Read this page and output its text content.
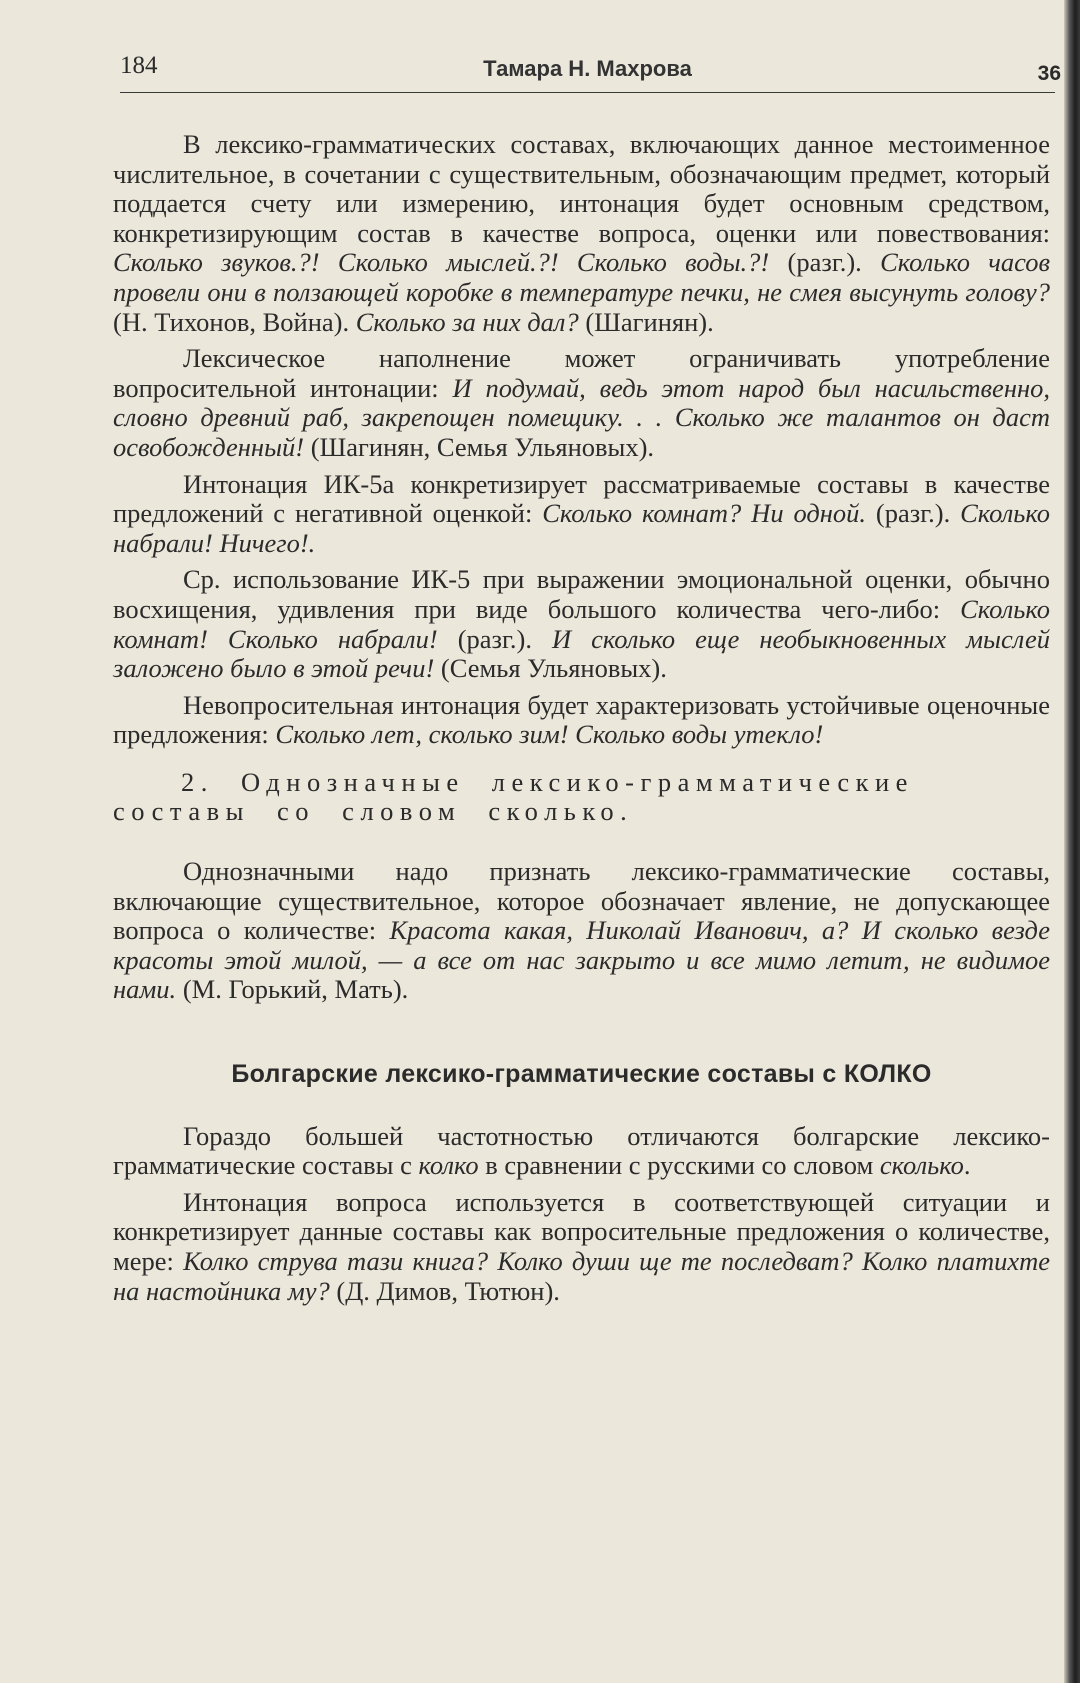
184	Тамара Н. Махрова	36

В лексико-грамматических составах, включающих данное местоименное числительное, в сочетании с существительным, обозначающим предмет, который поддается счету или измерению, интонация будет основным средством, конкретизирующим состав в качестве вопроса, оценки или повествования: Сколько звуков.?! Сколько мыслей.?! Сколько воды.?! (разг.). Сколько часов провели они в ползающей коробке в температуре печки, не смея высунуть голову? (Н. Тихонов, Война). Сколько за них дал? (Шагинян).

Лексическое наполнение может ограничивать употребление вопросительной интонации: И подумай, ведь этот народ был насильственно, словно древний раб, закрепощен помещику. . . Сколько же талантов он даст освобожденный! (Шагинян, Семья Ульяновых).

Интонация ИК-5а конкретизирует рассматриваемые составы в качестве предложений с негативной оценкой: Сколько комнат? Ни одной. (разг.). Сколько набрали! Ничего!.

Ср. использование ИК-5 при выражении эмоциональной оценки, обычно восхищения, удивления при виде большого количества чего-либо: Сколько комнат! Сколько набрали! (разг.). И сколько еще необыкновенных мыслей заложено было в этой речи! (Семья Ульяновых).

Невопросительная интонация будет характеризовать устойчивые оценочные предложения: Сколько лет, сколько зим! Сколько воды утекло!

2. Однозначные лексико-грамматические составы со словом сколько.

Однозначными надо признать лексико-грамматические составы, включающие существительное, которое обозначает явление, не допускающее вопроса о количестве: Красота какая, Николай Иванович, а? И сколько везде красоты этой милой, — а все от нас закрыто и все мимо летит, не видимое нами. (М. Горький, Мать).

Болгарские лексико-грамматические составы с КОЛКО

Гораздо большей частотностью отличаются болгарские лексико-грамматические составы с колко в сравнении с русскими со словом сколько.

Интонация вопроса используется в соответствующей ситуации и конкретизирует данные составы как вопросительные предложения о количестве, мере: Колко струва тази книга? Колко души ще те последват? Колко платихте на настойника му? (Д. Димов, Тютюн).
